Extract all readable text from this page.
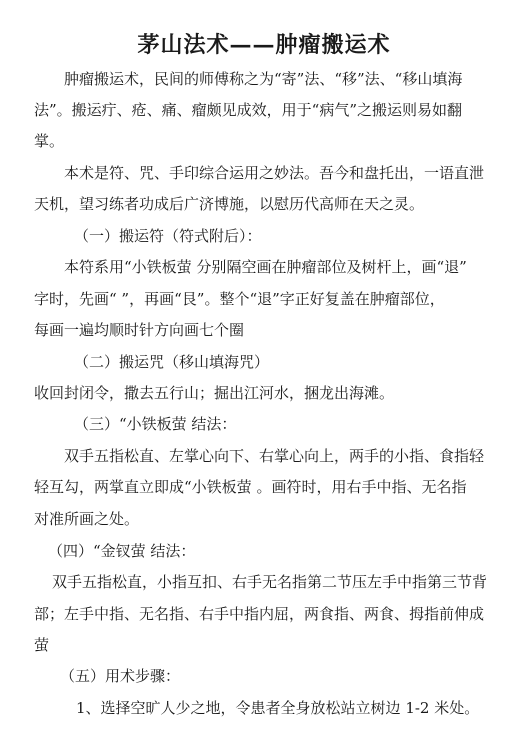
茅山法术——肿瘤搬运术
肿瘤搬运术，民间的师傅称之为“寄”法、“移”法、“移山填海
法”。搬运疔、疮、痛、瘤颇见成效，用于“病气”之搬运则易如翻
掌。
本术是符、咒、手印综合运用之妙法。吾今和盘托出，一语直泄
天机，望习练者功成后广济博施，以慰历代高师在天之灵。
（一）搬运符（符式附后）：
本符系用“小铁板萤 分别隔空画在肿瘤部位及树杆上，画“退”
字时，先画“ ”，再画“艮”。整个“退”字正好复盖在肿瘤部位，
每画一遍均顺时针方向画七个圈
（二）搬运咒（移山填海咒）
收回封闭令，撒去五行山；掘出江河水，捆龙出海滩。
（三）“小铁板萤 结法：
双手五指松直、左掌心向下、右掌心向上，两手的小指、食指轻
轻互勾，两掌直立即成“小铁板萤 。画符时，用右手中指、无名指
对准所画之处。
（四）“金钗萤 结法：
双手五指松直，小指互扣、右手无名指第二节压左手中指第三节背
部；左手中指、无名指、右手中指内屈，两食指、两食、拇指前伸成
萤
（五）用术步骤：
1、选择空旷人少之地，令患者全身放松站立树边 1-2 米处。
